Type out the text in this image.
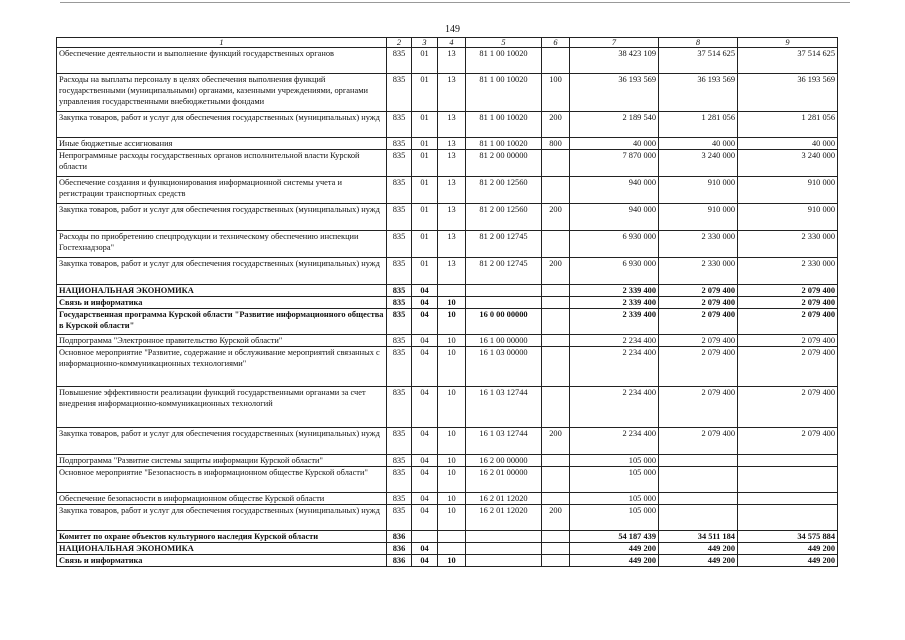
149
1	2	3	4	5	6	7	8	9
Обеспечение деятельности и выполнение функций государственных органов	835	01	13	81 1 00 10020		38 423 109	37 514 625	37 514 625
Расходы на выплаты персоналу в целях обеспечения выполнения функций государственными (муниципальными) органами, казенными учреждениями, органами управления государственными внебюджетными фондами	835	01	13	81 1 00 10020	100	36 193 569	36 193 569	36 193 569
Закупка товаров, работ и услуг для обеспечения государственных (муниципальных) нужд	835	01	13	81 1 00 10020	200	2 189 540	1 281 056	1 281 056
Иные бюджетные ассигнования	835	01	13	81 1 00 10020	800	40 000	40 000	40 000
Непрограммные расходы государственных органов исполнительной власти Курской области	835	01	13	81 2 00 00000		7 870 000	3 240 000	3 240 000
Обеспечение создания и функционирования информационной системы учета и регистрации транспортных средств	835	01	13	81 2 00 12560		940 000	910 000	910 000
Закупка товаров, работ и услуг для обеспечения государственных (муниципальных) нужд	835	01	13	81 2 00 12560	200	940 000	910 000	910 000
Расходы по приобретению спецпродукции и техническому обеспечению инспекции Гостехнадзора"	835	01	13	81 2 00 12745		6 930 000	2 330 000	2 330 000
Закупка товаров, работ и услуг для обеспечения государственных (муниципальных) нужд	835	01	13	81 2 00 12745	200	6 930 000	2 330 000	2 330 000
НАЦИОНАЛЬНАЯ ЭКОНОМИКА	835	04				2 339 400	2 079 400	2 079 400
Связь и информатика	835	04	10			2 339 400	2 079 400	2 079 400
Государственная программа Курской области "Развитие информационного общества в Курской области"	835	04	10	16 0 00 00000		2 339 400	2 079 400	2 079 400
Подпрограмма "Электронное правительство Курской области"	835	04	10	16 1 00 00000		2 234 400	2 079 400	2 079 400
Основное мероприятие "Развитие, содержание и обслуживание мероприятий связанных с информационно-коммуникационных технологиями"	835	04	10	16 1 03 00000		2 234 400	2 079 400	2 079 400
Повышение эффективности реализации функций государственными органами за счет внедрения информационно-коммуникационных технологий	835	04	10	16 1 03 12744		2 234 400	2 079 400	2 079 400
Закупка товаров, работ и услуг для обеспечения государственных (муниципальных) нужд	835	04	10	16 1 03 12744	200	2 234 400	2 079 400	2 079 400
Подпрограмма "Развитие системы защиты информации Курской области"	835	04	10	16 2 00 00000		105 000		
Основное мероприятие "Безопасность в информационном обществе Курской области"	835	04	10	16 2 01 00000		105 000		
Обеспечение безопасности в информационном обществе Курской области	835	04	10	16 2 01 12020		105 000		
Закупка товаров, работ и услуг для обеспечения государственных (муниципальных) нужд	835	04	10	16 2 01 12020	200	105 000		
Комитет по охране объектов культурного наследия Курской области	836					54 187 439	34 511 184	34 575 884
НАЦИОНАЛЬНАЯ ЭКОНОМИКА	836	04				449 200	449 200	449 200
Связь и информатика	836	04	10			449 200	449 200	449 200
